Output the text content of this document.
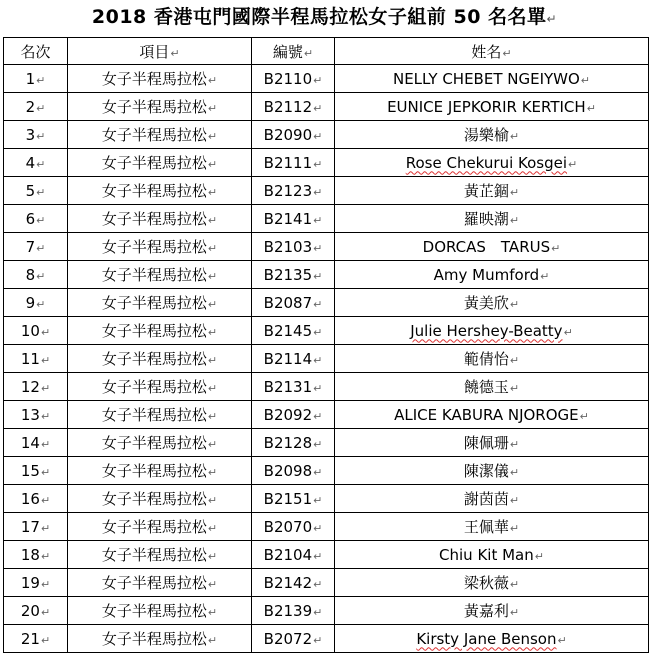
2018 香港屯門國際半程馬拉松女子組前 50 名名單↵
名次	項目↵	編號↵	姓名↵
1↵	女子半程馬拉松↵	B2110↵	NELLY CHEBET NGEIYWO↵
2↵	女子半程馬拉松↵	B2112↵	EUNICE JEPKORIR KERTICH↵
3↵	女子半程馬拉松↵	B2090↵	湯樂榆↵
4↵	女子半程馬拉松↵	B2111↵	Rose Chekurui Kosgei↵
5↵	女子半程馬拉松↵	B2123↵	黃芷錮↵
6↵	女子半程馬拉松↵	B2141↵	羅映潮↵
7↵	女子半程馬拉松↵	B2103↵	DORCAS　TARUS↵
8↵	女子半程馬拉松↵	B2135↵	Amy Mumford↵
9↵	女子半程馬拉松↵	B2087↵	黃美欣↵
10↵	女子半程馬拉松↵	B2145↵	Julie Hershey-Beatty↵
11↵	女子半程馬拉松↵	B2114↵	範倩怡↵
12↵	女子半程馬拉松↵	B2131↵	饒德玉↵
13↵	女子半程馬拉松↵	B2092↵	ALICE KABURA NJOROGE↵
14↵	女子半程馬拉松↵	B2128↵	陳佩珊↵
15↵	女子半程馬拉松↵	B2098↵	陳潔儀↵
16↵	女子半程馬拉松↵	B2151↵	謝茵茵↵
17↵	女子半程馬拉松↵	B2070↵	王佩華↵
18↵	女子半程馬拉松↵	B2104↵	Chiu Kit Man↵
19↵	女子半程馬拉松↵	B2142↵	梁秋薇↵
20↵	女子半程馬拉松↵	B2139↵	黃嘉利↵
21↵	女子半程馬拉松↵	B2072↵	Kirsty Jane Benson↵
